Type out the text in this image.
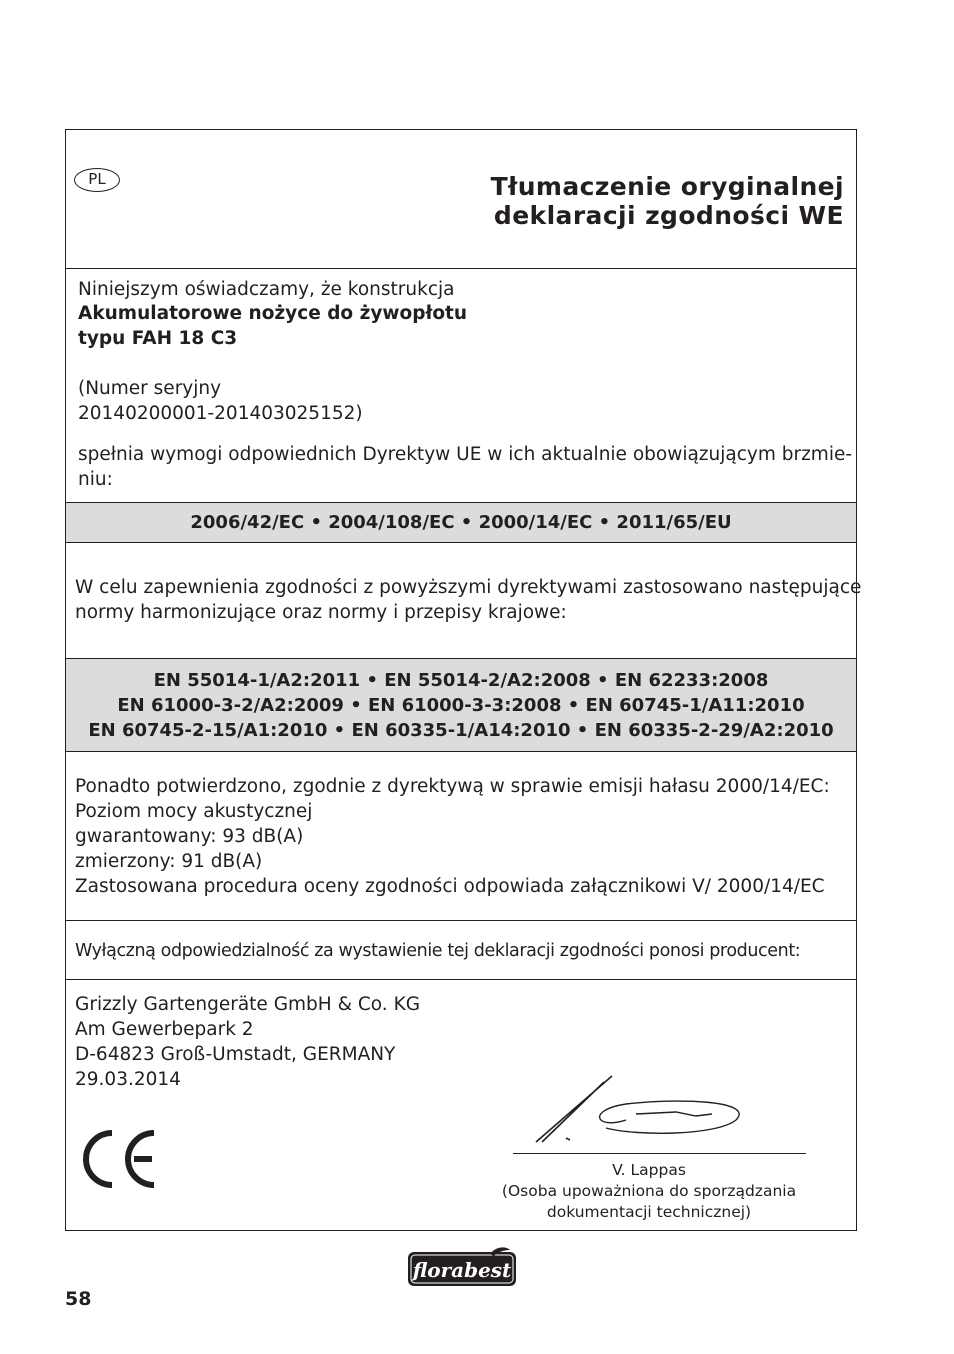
PL	Tłumaczenie oryginalnej
deklaracji zgodności WE
Niniejszym oświadczamy, że konstrukcja
Akumulatorowe nożyce do żywopłotu
typu FAH 18 C3
(Numer seryjny
20140200001-201403025152)
spełnia wymogi odpowiednich Dyrektyw UE w ich aktualnie obowiązującym brzmie-
niu:
2006/42/EC • 2004/108/EC • 2000/14/EC • 2011/65/EU
W celu zapewnienia zgodności z powyższymi dyrektywami zastosowano następujące
normy harmonizujące oraz normy i przepisy krajowe:
EN 55014-1/A2:2011 • EN 55014-2/A2:2008 • EN 62233:2008
EN 61000-3-2/A2:2009 • EN 61000-3-3:2008 • EN 60745-1/A11:2010
EN 60745-2-15/A1:2010 • EN 60335-1/A14:2010 • EN 60335-2-29/A2:2010
Ponadto potwierdzono, zgodnie z dyrektywą w sprawie emisji hałasu 2000/14/EC:
Poziom mocy akustycznej
gwarantowany: 93 dB(A)
zmierzony: 91 dB(A)
Zastosowana procedura oceny zgodności odpowiada załącznikowi V/ 2000/14/EC
Wyłączną odpowiedzialność za wystawienie tej deklaracji zgodności ponosi producent:
Grizzly Gartengeräte GmbH & Co. KG
Am Gewerbepark 2
D-64823 Groß-Umstadt, GERMANY
29.03.2014
V. Lappas
(Osoba upoważniona do sporządzania
dokumentacji technicznej)
florabest
58
